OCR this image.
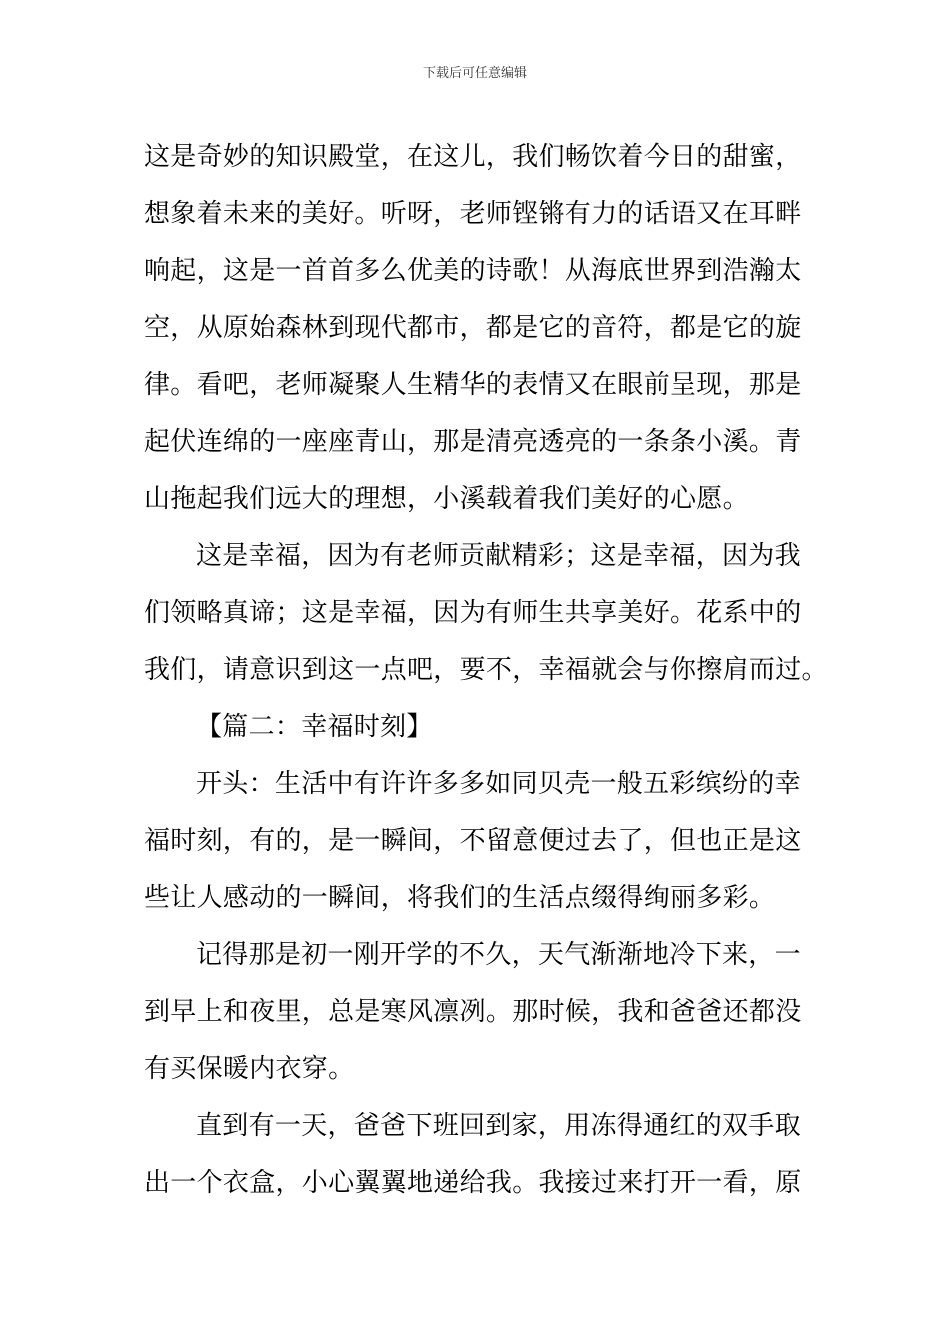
下载后可任意编辑
这是奇妙的知识殿堂，在这儿，我们畅饮着今日的甜蜜，
想象着未来的美好。听呀，老师铿锵有力的话语又在耳畔
响起，这是一首首多么优美的诗歌！从海底世界到浩瀚太
空，从原始森林到现代都市，都是它的音符，都是它的旋
律。看吧，老师凝聚人生精华的表情又在眼前呈现，那是
起伏连绵的一座座青山，那是清亮透亮的一条条小溪。青
山拖起我们远大的理想，小溪载着我们美好的心愿。
这是幸福，因为有老师贡献精彩；这是幸福，因为我
们领略真谛；这是幸福，因为有师生共享美好。花系中的
我们，请意识到这一点吧，要不，幸福就会与你擦肩而过。
【篇二：幸福时刻】
开头：生活中有许许多多如同贝壳一般五彩缤纷的幸
福时刻，有的，是一瞬间，不留意便过去了，但也正是这
些让人感动的一瞬间，将我们的生活点缀得绚丽多彩。
记得那是初一刚开学的不久，天气渐渐地冷下来，一
到早上和夜里，总是寒风凛冽。那时候，我和爸爸还都没
有买保暖内衣穿。
直到有一天，爸爸下班回到家，用冻得通红的双手取
出一个衣盒，小心翼翼地递给我。我接过来打开一看，原
